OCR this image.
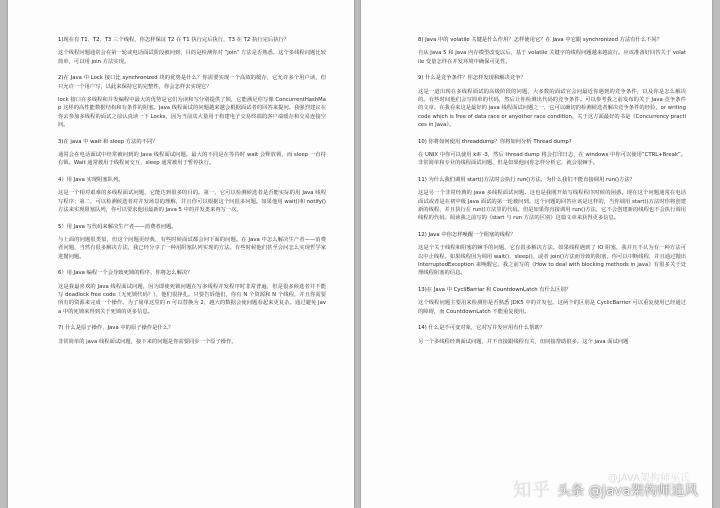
1)现在有 T1、T2、T3 三个线程，你怎样保证 T2 在 T1 执行完后执行，T3 在 T2 执行完后执行？
这个线程问题通常会在第一轮或电话面试阶段被问到，目的是检测你对 ”join” 方法是否熟悉。这个多线程问题比较简单，可以用 join 方法实现。
2)在 Java 中 Lock 接口比 synchronized 块的优势是什么？你需要实现一个高效的缓存，它允许多个用户读，但只允许一个用户写，以此来保持它的完整性，你会怎样去实现它？
lock 接口在多线程和并发编程中最大的优势是它们为读和写分别提供了锁，它能满足你写像 ConcurrentHashMap 这样的高性能数据结构和有条件的阻塞。Java 线程面试的问题越来越会根据面试者的回答来提问。我强烈建议在你去参加多线程的面试之前认真读一下 Locks，因为当前其大量用于构建电子交易终端的客户端缓存和交易连接空间。
3)在 java 中 wait 和 sleep 方法的不同？
通常会在电话面试中经常被问到的 Java 线程面试问题。最大的不同是在等待时 wait 会释放锁，而 sleep 一直持有锁。Wait 通常被用于线程间交互，sleep 通常被用于暂停执行。
4）用 Java 实现阻塞队列。
这是一个相对艰难的多线程面试问题，它能达到很多的目的。第一，它可以检测候选者是否能实际的用 Java 线程写程序；第二，可以检测候选者对并发场景的理解，并且你可以根据这个问很多问题。如果他用 wait()和 notify()方法来实现阻塞队列，你可以要求他用最新的 Java 5 中的并发类来再写一次。
5）用 Java 写代码来解决生产者——消费者问题。
与上面的问题很类似，但这个问题更经典，有些时候面试都会问下面的问题。在 Java 中怎么解决生产者——消费者问题，当然有很多解决方法，我已经分享了一种用阻塞队列实现的方法。有些时候他们甚至会问怎么实现哲学家进餐问题。
6）用 Java 编程一个会导致死锁的程序，你将怎么解决？
这是我最喜欢的 Java 线程面试问题，因为即使死锁问题在写多线程并发程序时非常普遍，但是很多候选者并不能写 deadlock free code（无死锁代码？），他们很挣扎。只要告诉他们，你有 N 个资源和 N 个线程，并且你需要所有的资源来完成一个操作。为了简单这里的 n 可以替换为 2，越大的数据会使问题看起来更复杂。通过避免 Java 中的死锁来得到关于死锁的更多信息。
7) 什么是原子操作，Java 中的原子操作是什么？
非常简单的 java 线程面试问题，接下来的问题是你需要同步一个原子操作。
8) Java 中的 volatile 关键是什么作用？怎样使用它？在 Java 中它跟 synchronized 方法有什么不同？
自从 Java 5 和 Java 内存模型改变以后，基于 volatile 关键字的线程问题越来越流行。应该准备好回答关于 volatile 变量怎样在并发环境中确保可见性。
9) 什么是竞争条件？你怎样发现和解决竞争？
这是一道出现在多线程面试的高级阶段的问题。大多数的面试官会问最近你遇到的竞争条件，以及你是怎么解决的。有些时间他们会写简单的代码，然后让你检测出代码的竞争条件。可以参考我之前发布的关于 Java 竞争条件的文章。在我看来这是最好的 java 线程面试问题之一，它可以确切的检测候选者解决竞争条件的经验，or writing code which is free of data race or anyother race condition。关于这方面最好的书是《Concurrency practices in Java》。
10) 你将如何使用 threaddump？你将如何分析 Thread dump?
在 UNIX 中你可以使用 kill -3，然后 thread dump 将会打印日志，在 windows 中你可以使用”CTRL+Break”。非常简单和专业的线程面试问题，但是如果他问你怎样分析它，就会很棘手。
11) 为什么我们调用 start()方法时会执行 run()方法，为什么我们不能直接调用 run()方法？
这是另一个非常经典的 java 多线程面试问题。这也是我刚开始写线程程序时候的困惑。现在这个问题通常在电话面试或者是在初中级 Java 面试的第一轮被问到。这个问题的回答应该是这样的，当你调用 start()方法时你将创建新的线程，并且执行在 run()方法里的代码。但是如果你直接调用 run()方法，它不会创建新的线程也不会执行调用线程的代码。阅读我之前写的《start 与 run 方法的区别》这篇文章来获得更多信息。
12) Java 中你怎样唤醒一个阻塞的线程？
这是个关于线程和阻塞的棘手的问题，它有很多解决方法。如果线程遇到了 IO 阻塞，我并且不认为有一种方法可以中止线程。如果线程因为调用 wait()、sleep()、或者 join()方法而导致的阻塞，你可以中断线程，并且通过抛出 InterruptedException 来唤醒它。我之前写的《How to deal with blocking methods in java》有很多关于处理线程阻塞的信息。
13)在 Java 中 CycliBarriar 和 CountdownLatch 有什么区别？
这个线程问题主要用来检测你是否熟悉 JDK5 中的并发包。这两个的区别是 CyclicBarrier 可以重复使用已经通过的障碍，而 CountdownLatch 不能重复使用。
14) 什么是不可变对象，它对写并发应用有什么帮助？
另一个多线程经典面试问题，并不直接跟线程有关，但间接帮助很多。这个 java 面试问题
@JAVA架构师巫氏
知乎 头条 @Java架构师追风
